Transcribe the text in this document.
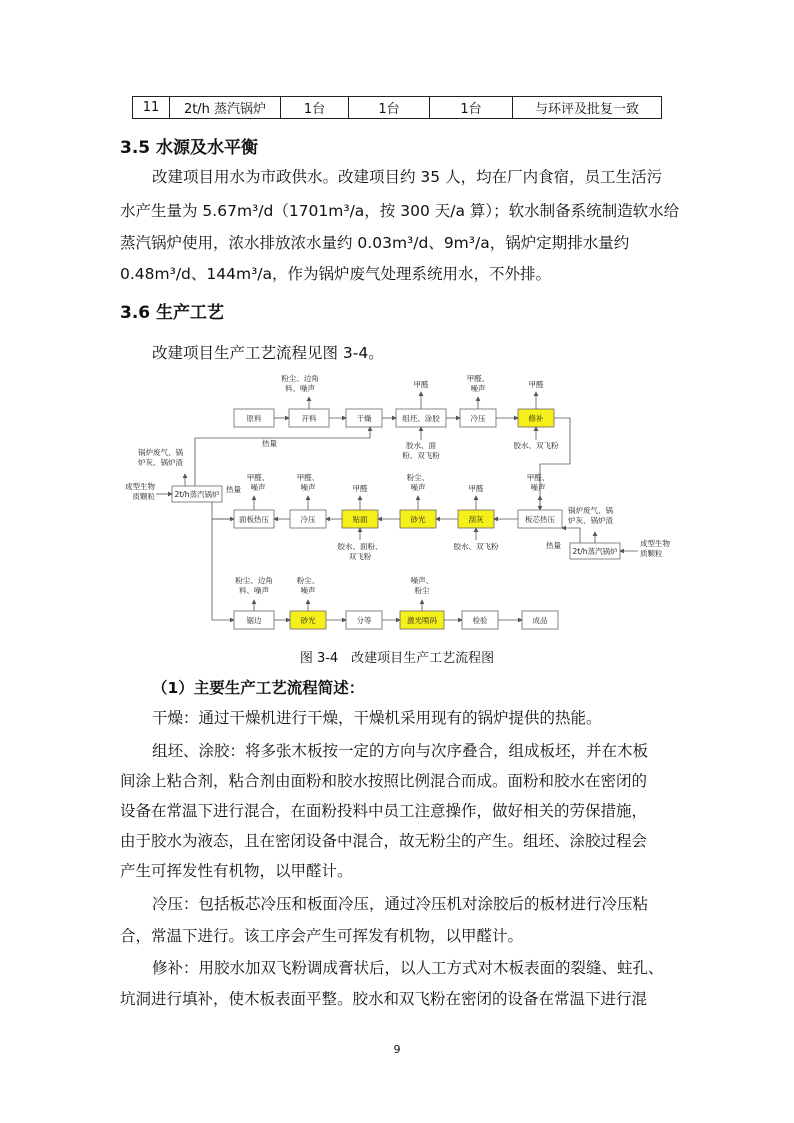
11	2t/h 蒸汽锅炉	1台	1台	1台	与环评及批复一致
3.5 水源及水平衡
改建项目用水为市政供水。改建项目约 35 人，均在厂内食宿，员工生活污
水产生量为 5.67m³/d（1701m³/a，按 300 天/a 算）；软水制备系统制造软水给
蒸汽锅炉使用，浓水排放浓水量约 0.03m³/d、9m³/a，锅炉定期排水量约
0.48m³/d、144m³/a，作为锅炉废气处理系统用水，不外排。
3.6 生产工艺
改建项目生产工艺流程见图 3-4。
原料	开料	干燥	组坯、涂胶	冷压	修补
粉尘、边角
料、噪声	甲醛
甲醛、
噪声	甲醛
胶水、面
粉、双飞粉
胶水、双飞粉
热量
2t/h蒸汽锅炉
成型生物
质颗粒
锅炉废气、锅
炉灰、锅炉渣
热量
面板热压	冷压	贴面	砂光	刮灰	板芯热压
甲醛、
噪声
甲醛、
噪声	甲醛
粉尘、
噪声	甲醛
甲醛、
噪声
胶水、面粉、
双飞粉
胶水、双飞粉
2t/h蒸汽锅炉
成型生物
质颗粒
热量
锅炉废气、锅
炉灰、锅炉渣
锯边	砂光	分等	激光喷码	检验	成品
粉尘、边角
料、噪声
粉尘、
噪声
噪声、
粉尘
图 3-4　改建项目生产工艺流程图
（1）主要生产工艺流程简述：
干燥：通过干燥机进行干燥，干燥机采用现有的锅炉提供的热能。
组坯、涂胶：将多张木板按一定的方向与次序叠合，组成板坯，并在木板
间涂上粘合剂，粘合剂由面粉和胶水按照比例混合而成。面粉和胶水在密闭的
设备在常温下进行混合，在面粉投料中员工注意操作，做好相关的劳保措施，
由于胶水为液态，且在密闭设备中混合，故无粉尘的产生。组坯、涂胶过程会
产生可挥发性有机物，以甲醛计。
冷压：包括板芯冷压和板面冷压，通过冷压机对涂胶后的板材进行冷压粘
合，常温下进行。该工序会产生可挥发有机物，以甲醛计。
修补：用胶水加双飞粉调成膏状后，以人工方式对木板表面的裂缝、蛀孔、
坑洞进行填补，使木板表面平整。胶水和双飞粉在密闭的设备在常温下进行混
9
